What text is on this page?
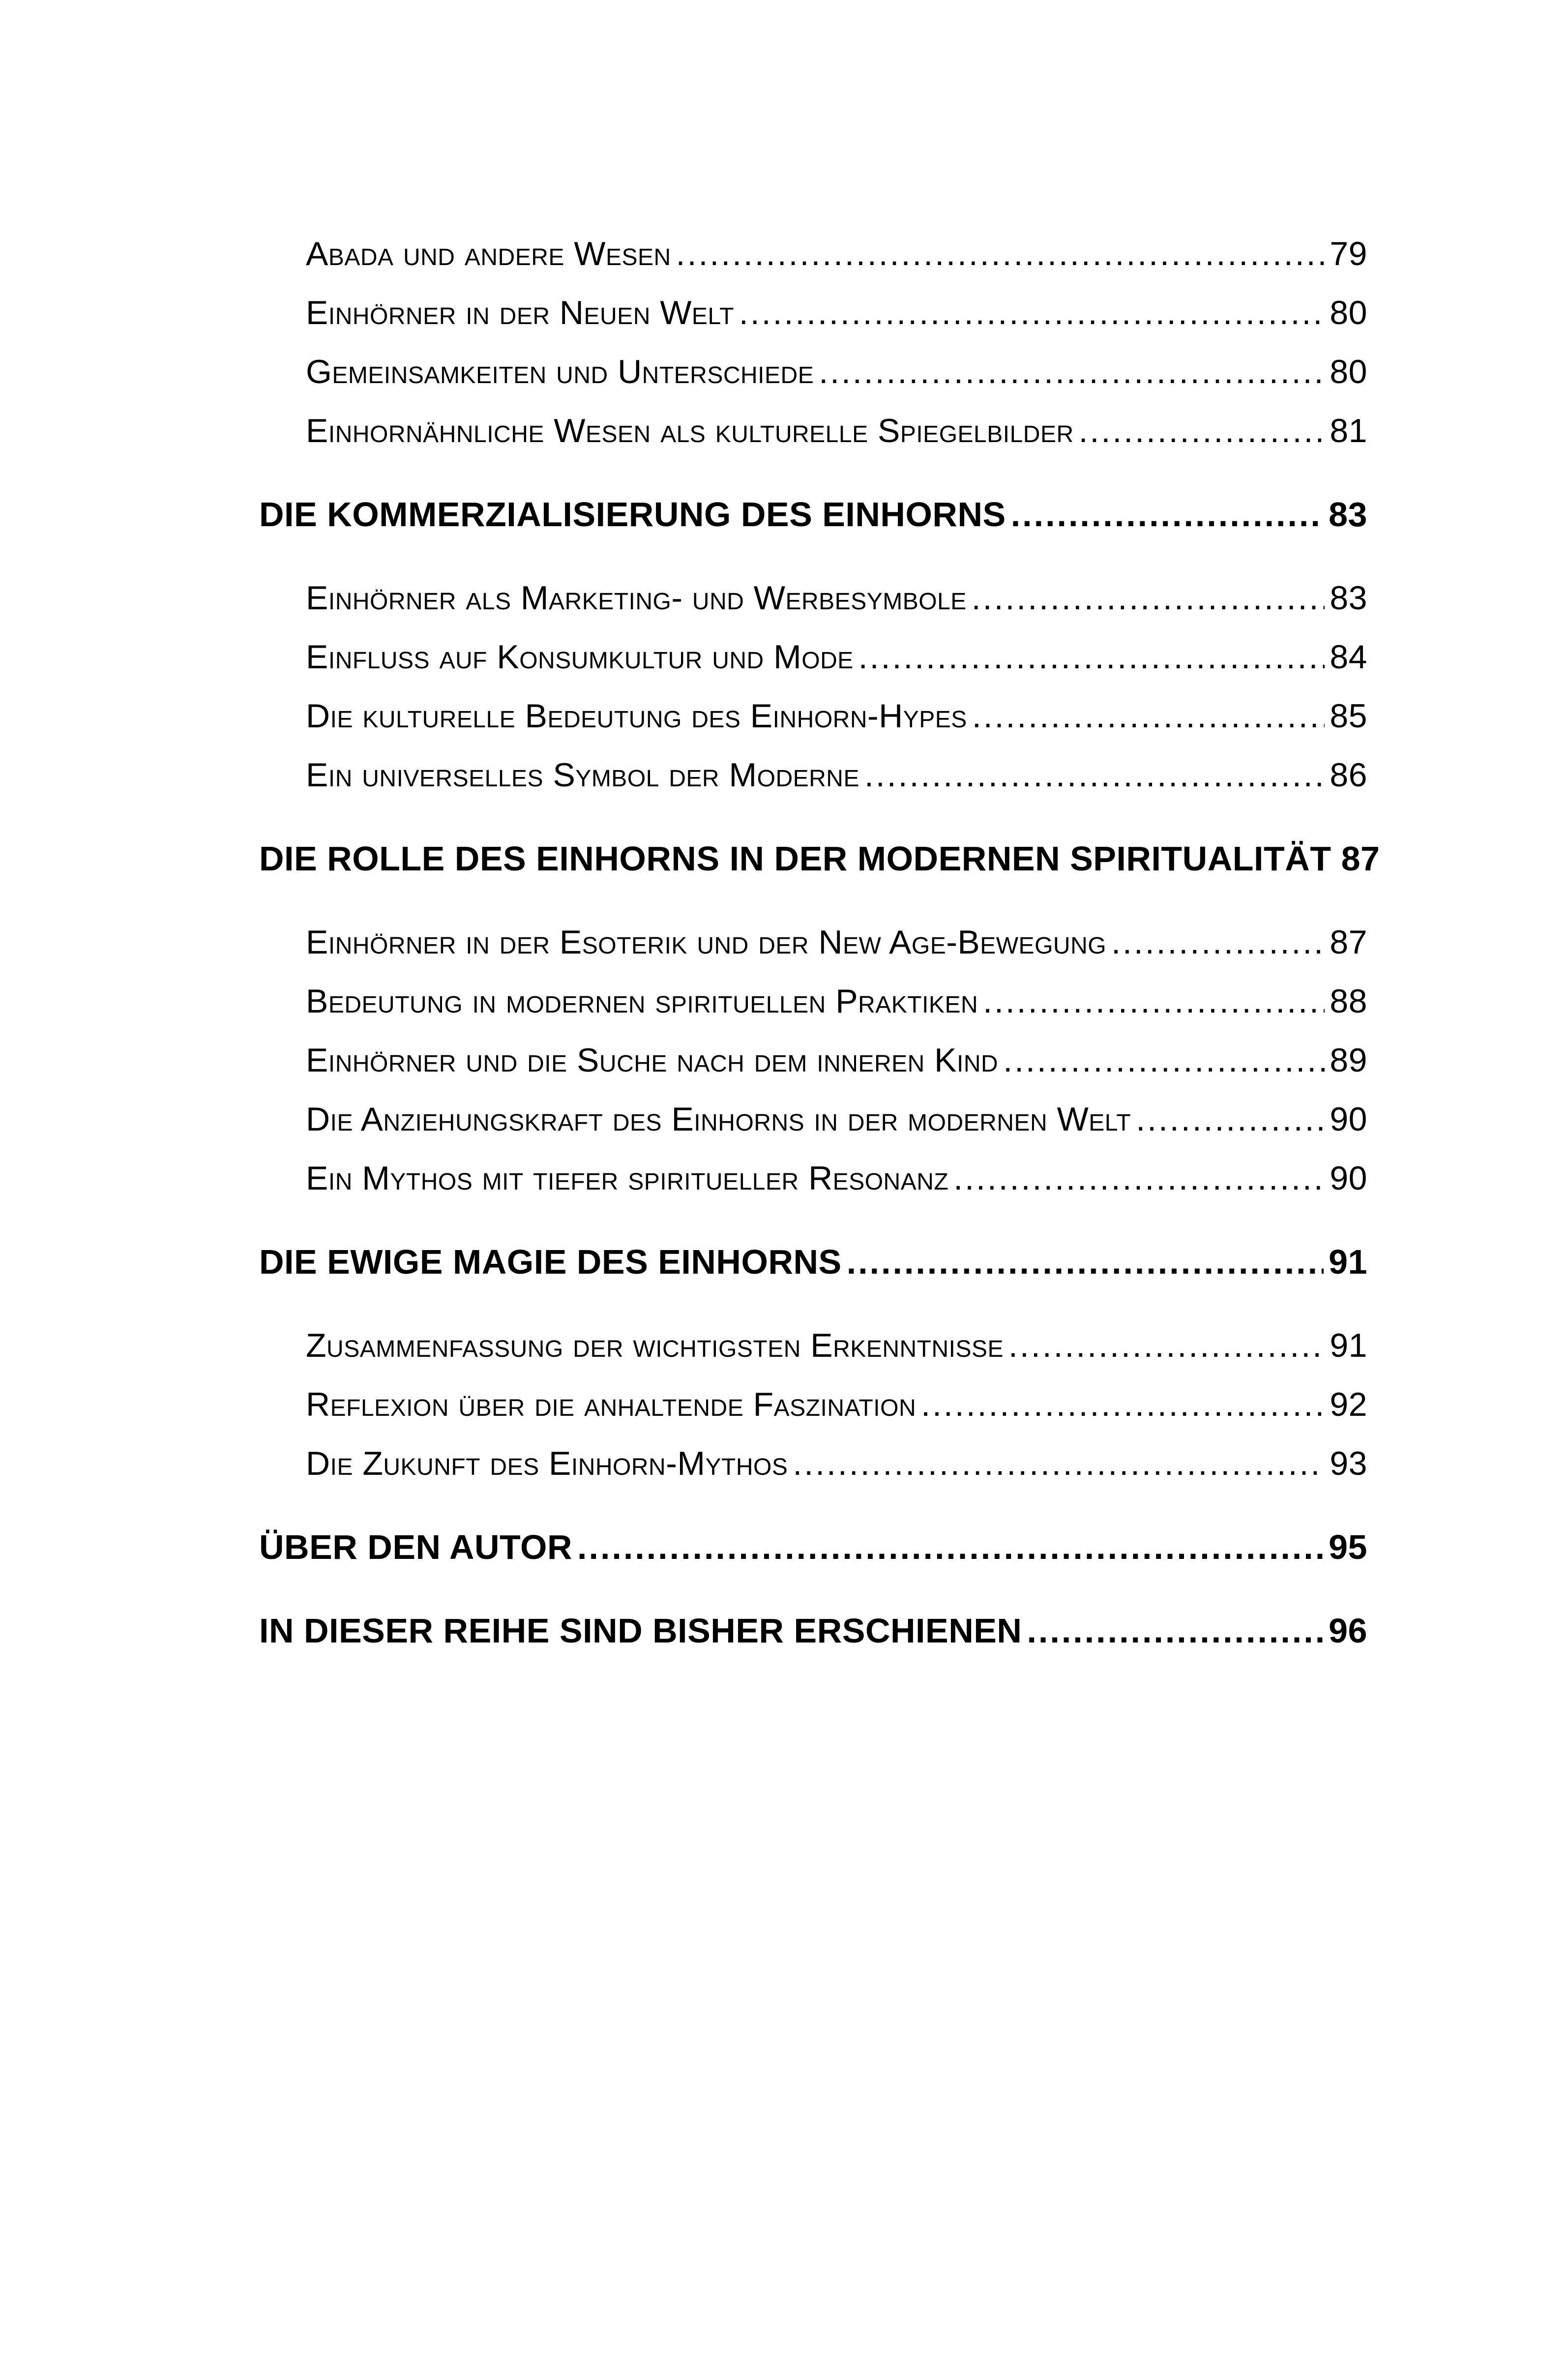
Abada und andere Wesen .....	79
Einhörner in der Neuen Welt .....	80
Gemeinsamkeiten und Unterschiede .....	80
Einhornähnliche Wesen als kulturelle Spiegelbilder .....	81
DIE KOMMERZIALISIERUNG DES EINHORNS .....	83
Einhörner als Marketing- und Werbesymbole .....	83
Einfluss auf Konsumkultur und Mode .....	84
Die kulturelle Bedeutung des Einhorn-Hypes .....	85
Ein universelles Symbol der Moderne .....	86
DIE ROLLE DES EINHORNS IN DER MODERNEN SPIRITUALITÄT 87
Einhörner in der Esoterik und der New Age-Bewegung .....	87
Bedeutung in modernen spirituellen Praktiken .....	88
Einhörner und die Suche nach dem inneren Kind .....	89
Die Anziehungskraft des Einhorns in der modernen Welt .....	90
Ein Mythos mit tiefer spiritueller Resonanz .....	90
DIE EWIGE MAGIE DES EINHORNS .....	91
Zusammenfassung der wichtigsten Erkenntnisse .....	91
Reflexion über die anhaltende Faszination .....	92
Die Zukunft des Einhorn-Mythos .....	93
ÜBER DEN AUTOR .....	95
IN DIESER REIHE SIND BISHER ERSCHIENEN .....	96
